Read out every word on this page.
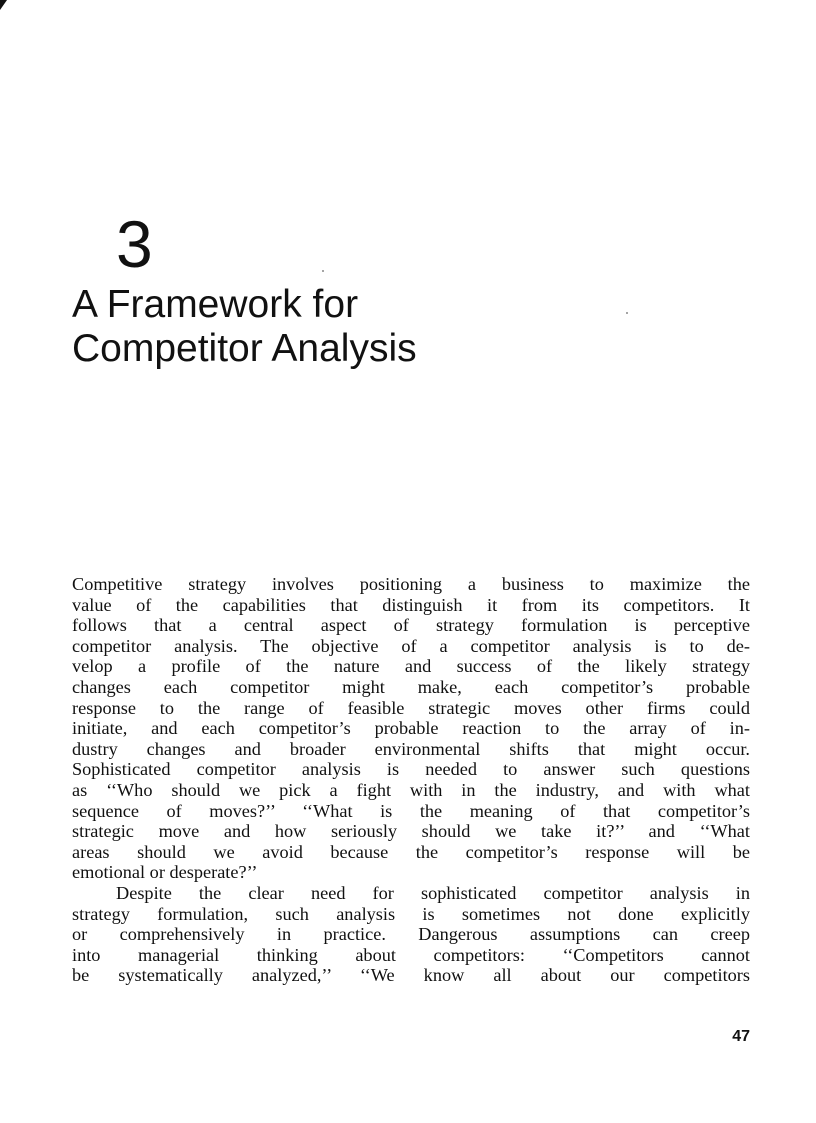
3
A Framework for
Competitor Analysis
Competitive strategy involves positioning a business to maximize the
value of the capabilities that distinguish it from its competitors. It
follows that a central aspect of strategy formulation is perceptive
competitor analysis. The objective of a competitor analysis is to de-
velop a profile of the nature and success of the likely strategy
changes each competitor might make, each competitor’s probable
response to the range of feasible strategic moves other firms could
initiate, and each competitor’s probable reaction to the array of in-
dustry changes and broader environmental shifts that might occur.
Sophisticated competitor analysis is needed to answer such questions
as ‘‘Who should we pick a fight with in the industry, and with what
sequence of moves?’’ ‘‘What is the meaning of that competitor’s
strategic move and how seriously should we take it?’’ and ‘‘What
areas should we avoid because the competitor’s response will be
emotional or desperate?’’
Despite the clear need for sophisticated competitor analysis in
strategy formulation, such analysis is sometimes not done explicitly
or comprehensively in practice. Dangerous assumptions can creep
into managerial thinking about competitors: ‘‘Competitors cannot
be systematically analyzed,’’ ‘‘We know all about our competitors
47
